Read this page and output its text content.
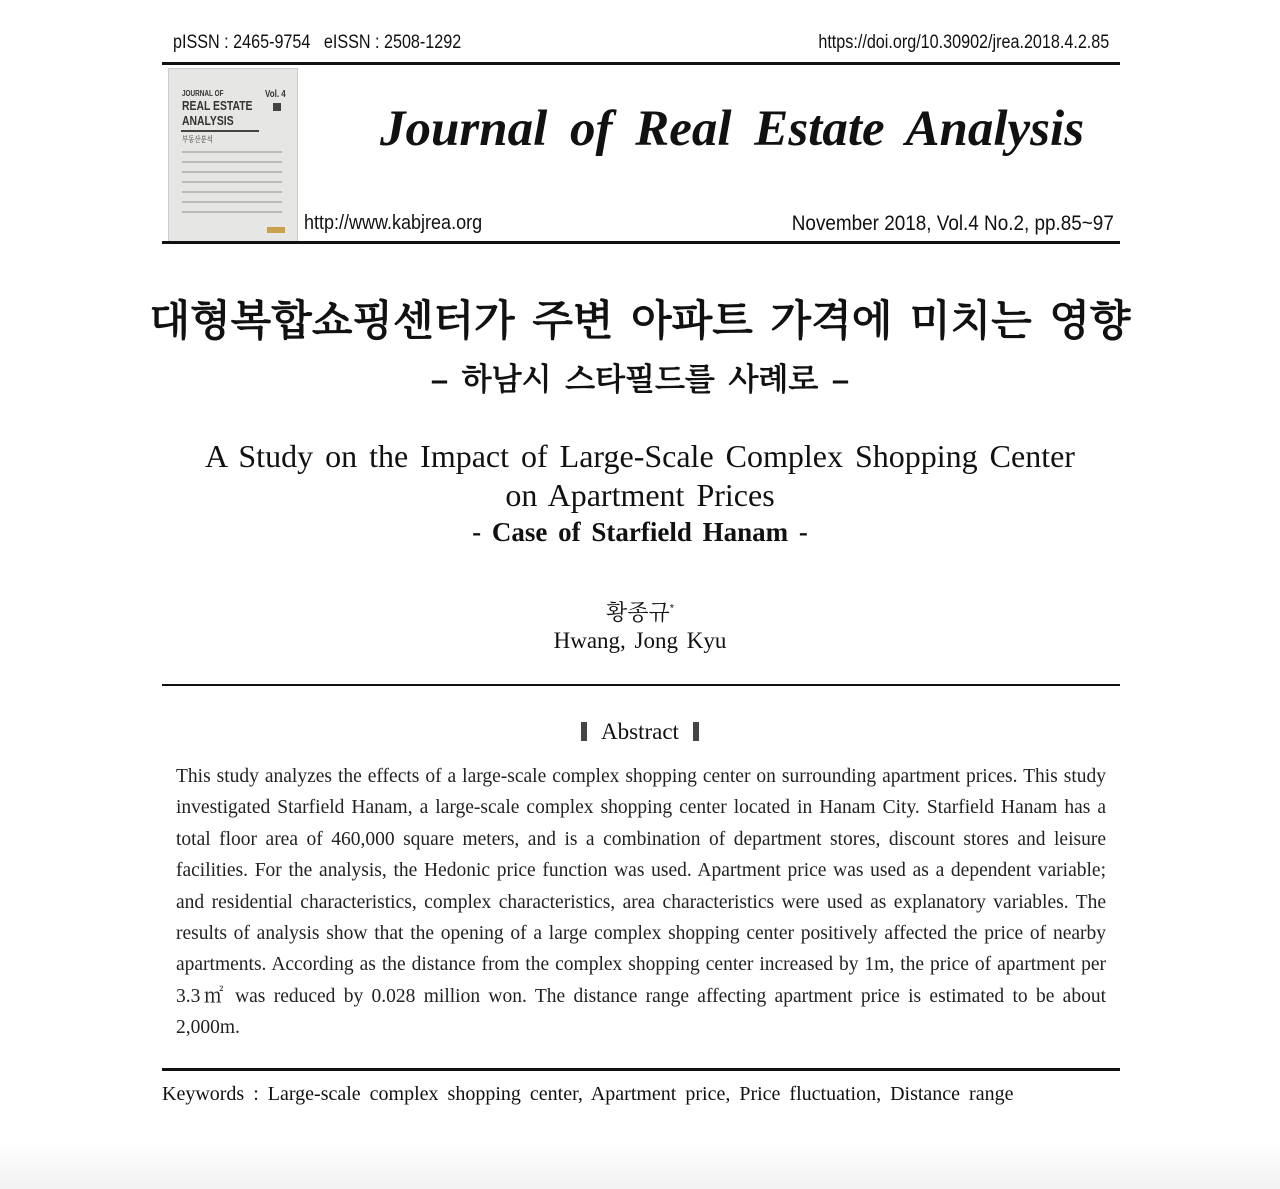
pISSN : 2465-9754 eISSN : 2508-1292	https://doi.org/10.30902/jrea.2018.4.2.85
JOURNAL OF
REAL ESTATE
ANALYSIS
Vol. 4
부동산분석	Journal of Real Estate Analysis
http://www.kabjrea.org	November 2018, Vol.4 No.2, pp.85~97
대형복합쇼핑센터가 주변 아파트 가격에 미치는 영향
– 하남시 스타필드를 사례로 –
A Study on the Impact of Large-Scale Complex Shopping Center
on Apartment Prices
- Case of Starfield Hanam -
황종규*
Hwang, Jong Kyu
Abstract
This study analyzes the effects of a large-scale complex shopping center on surrounding apartment prices. This study investigated Starfield Hanam, a large-scale complex shopping center located in Hanam City. Starfield Hanam has a total floor area of 460,000 square meters, and is a combination of department stores, discount stores and leisure facilities. For the analysis, the Hedonic price function was used. Apartment price was used as a dependent variable; and residential characteristics, complex characteristics, area characteristics were used as explanatory variables. The results of analysis show that the opening of a large complex shopping center positively affected the price of nearby apartments. According as the distance from the complex shopping center increased by 1m, the price of apartment per 3.3㎡ was reduced by 0.028 million won. The distance range affecting apartment price is estimated to be about 2,000m.
Keywords : Large-scale complex shopping center, Apartment price, Price fluctuation, Distance range
